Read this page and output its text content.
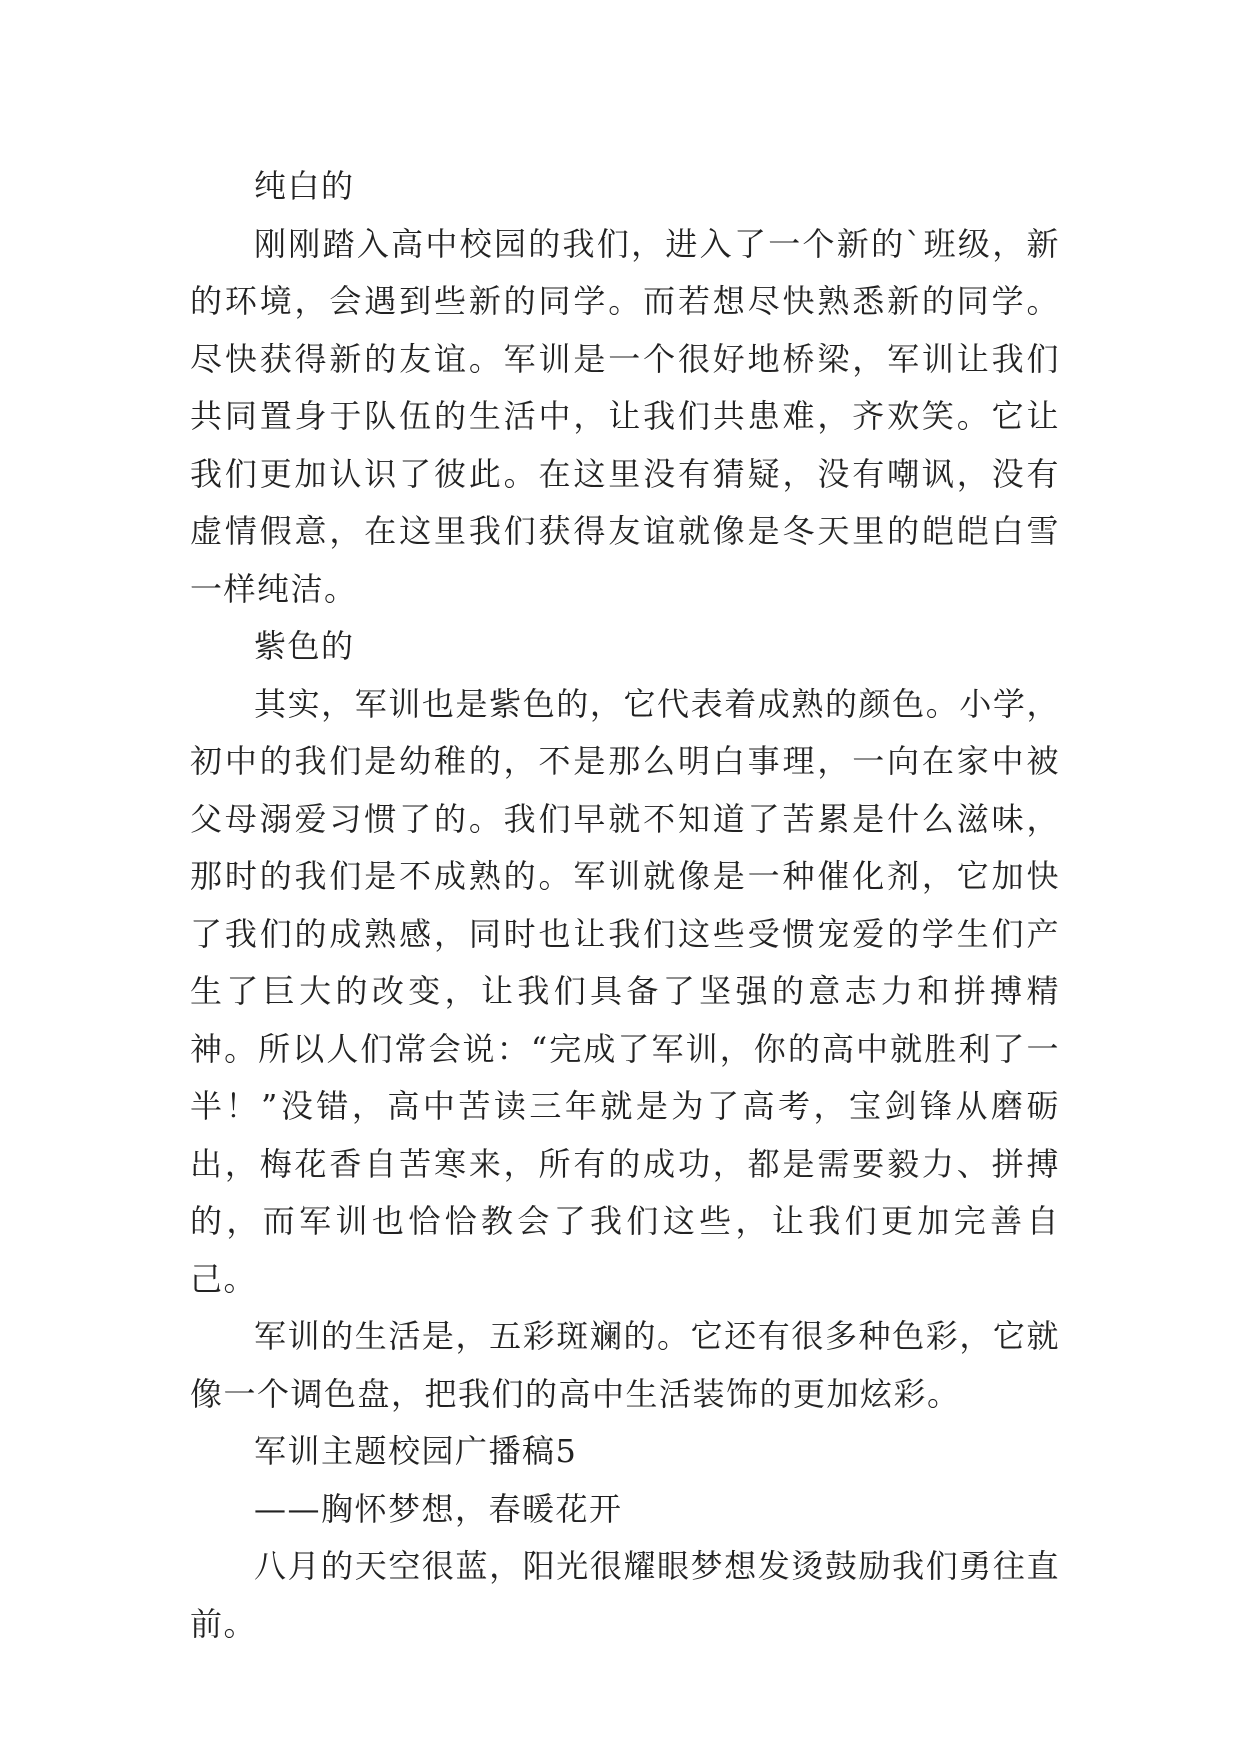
纯白的

刚刚踏入高中校园的我们，进入了一个新的`班级，新的环境，会遇到些新的同学。而若想尽快熟悉新的同学。尽快获得新的友谊。军训是一个很好地桥梁，军训让我们共同置身于队伍的生活中，让我们共患难，齐欢笑。它让我们更加认识了彼此。在这里没有猜疑，没有嘲讽，没有虚情假意，在这里我们获得友谊就像是冬天里的皑皑白雪一样纯洁。

紫色的

其实，军训也是紫色的，它代表着成熟的颜色。小学，初中的我们是幼稚的，不是那么明白事理，一向在家中被父母溺爱习惯了的。我们早就不知道了苦累是什么滋味，那时的我们是不成熟的。军训就像是一种催化剂，它加快了我们的成熟感，同时也让我们这些受惯宠爱的学生们产生了巨大的改变，让我们具备了坚强的意志力和拼搏精神。所以人们常会说：“完成了军训，你的高中就胜利了一半！”没错，高中苦读三年就是为了高考，宝剑锋从磨砺出，梅花香自苦寒来，所有的成功，都是需要毅力、拼搏的，而军训也恰恰教会了我们这些，让我们更加完善自己。

军训的生活是，五彩斑斓的。它还有很多种色彩，它就像一个调色盘，把我们的高中生活装饰的更加炫彩。

军训主题校园广播稿5

——胸怀梦想，春暖花开

八月的天空很蓝，阳光很耀眼梦想发烫鼓励我们勇往直前。
